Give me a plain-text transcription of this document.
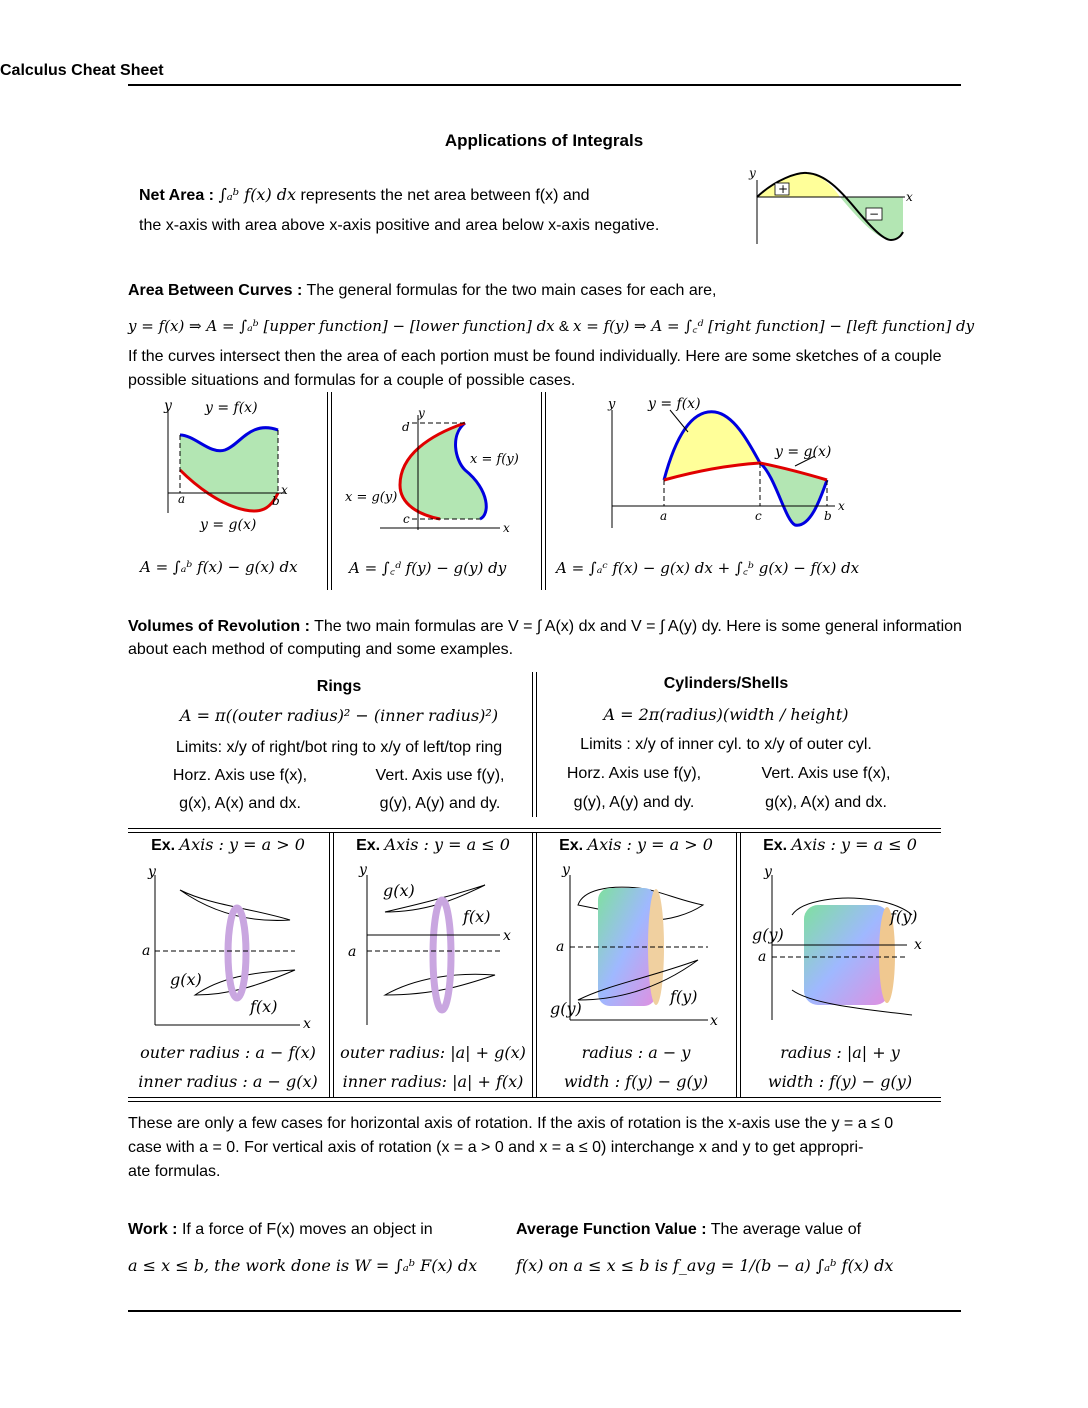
Calculus Cheat Sheet
Applications of Integrals
Net Area : ∫ₐᵇ f(x) dx represents the net area between f(x) and
the x-axis with area above x-axis positive and area below x-axis negative.
y
x
+
−
Area Between Curves : The general formulas for the two main cases for each are,
y = f(x) ⇒ A = ∫ₐᵇ [upper function] − [lower function] dx & x = f(y) ⇒ A = ∫꜀ᵈ [right function] − [left function] dy
If the curves intersect then the area of each portion must be found individually. Here are some sketches of a couple possible situations and formulas for a couple of possible cases.
y y = f(x)
a	b
x
y = g(x)
y
d
c
x = f(y)
x = g(y)
x
y y = f(x)
y = g(x)
a	c	b
x
A = ∫ₐᵇ f(x) − g(x) dx	A = ∫꜀ᵈ f(y) − g(y) dy	A = ∫ₐᶜ f(x) − g(x) dx + ∫꜀ᵇ g(x) − f(x) dx
Volumes of Revolution : The two main formulas are V = ∫ A(x) dx and V = ∫ A(y) dy. Here is some general information about each method of computing and some examples.
Rings
A = π((outer radius)² − (inner radius)²)
Limits: x/y of right/bot ring to x/y of left/top ring
Horz. Axis use f(x),
g(x), A(x) and dx.
Vert. Axis use f(y),
g(y), A(y) and dy.
Cylinders/Shells
A = 2π(radius)(width / height)
Limits : x/y of inner cyl. to x/y of outer cyl.
Horz. Axis use f(y),
g(y), A(y) and dy.
Vert. Axis use f(x),
g(x), A(x) and dx.
Ex. Axis : y = a > 0
y
a
x
g(x)
f(x)
outer radius : a − f(x)
inner radius : a − g(x)
Ex. Axis : y = a ≤ 0
y
a
x
g(x)
f(x)
outer radius: |a| + g(x)
inner radius: |a| + f(x)
Ex. Axis : y = a > 0
y
a
x
f(y)
g(y)
radius : a − y
width : f(y) − g(y)
Ex. Axis : y = a ≤ 0
y
a
x
f(y)
g(y)
radius : |a| + y
width : f(y) − g(y)
These are only a few cases for horizontal axis of rotation. If the axis of rotation is the x-axis use the y = a ≤ 0
case with a = 0. For vertical axis of rotation (x = a > 0 and x = a ≤ 0) interchange x and y to get appropri-
ate formulas.
Work : If a force of F(x) moves an object in
a ≤ x ≤ b, the work done is W = ∫ₐᵇ F(x) dx
Average Function Value : The average value of
f(x) on a ≤ x ≤ b is f_avg = 1/(b − a) ∫ₐᵇ f(x) dx
